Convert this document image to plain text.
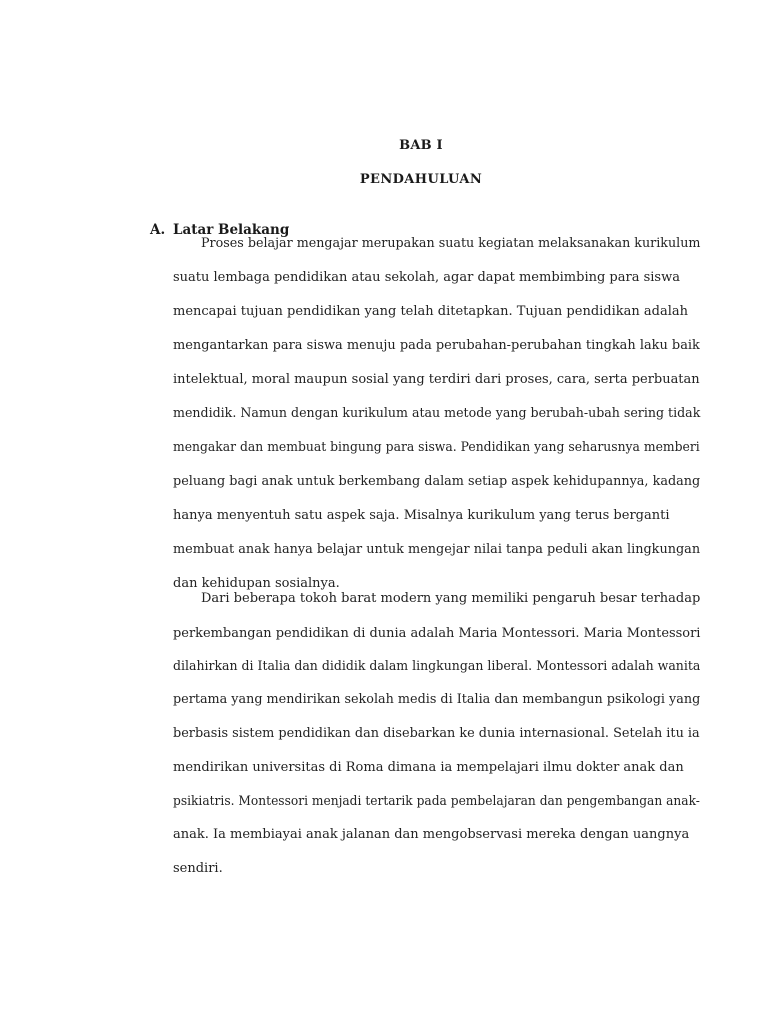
BAB I
PENDAHULUAN
A. Latar Belakang
Proses belajar mengajar merupakan suatu kegiatan melaksanakan kurikulum
suatu lembaga pendidikan atau sekolah, agar dapat membimbing para siswa
mencapai tujuan pendidikan yang telah ditetapkan. Tujuan pendidikan adalah
mengantarkan para siswa menuju pada perubahan-perubahan tingkah laku baik
intelektual, moral maupun sosial yang terdiri dari proses, cara, serta perbuatan
mendidik. Namun dengan kurikulum atau metode yang berubah-ubah sering tidak
mengakar dan membuat bingung para siswa. Pendidikan yang seharusnya memberi
peluang bagi anak untuk berkembang dalam setiap aspek kehidupannya, kadang
hanya menyentuh satu aspek saja. Misalnya kurikulum yang terus berganti
membuat anak hanya belajar untuk mengejar nilai tanpa peduli akan lingkungan
dan kehidupan sosialnya.
Dari beberapa tokoh barat modern yang memiliki pengaruh besar terhadap
perkembangan pendidikan di dunia adalah Maria Montessori. Maria Montessori
dilahirkan di Italia dan dididik dalam lingkungan liberal. Montessori adalah wanita
pertama yang mendirikan sekolah medis di Italia dan membangun psikologi yang
berbasis sistem pendidikan dan disebarkan ke dunia internasional. Setelah itu ia
mendirikan universitas di Roma dimana ia mempelajari ilmu dokter anak dan
psikiatris. Montessori menjadi tertarik pada pembelajaran dan pengembangan anak-
anak. Ia membiayai anak jalanan dan mengobservasi mereka dengan uangnya
sendiri.
